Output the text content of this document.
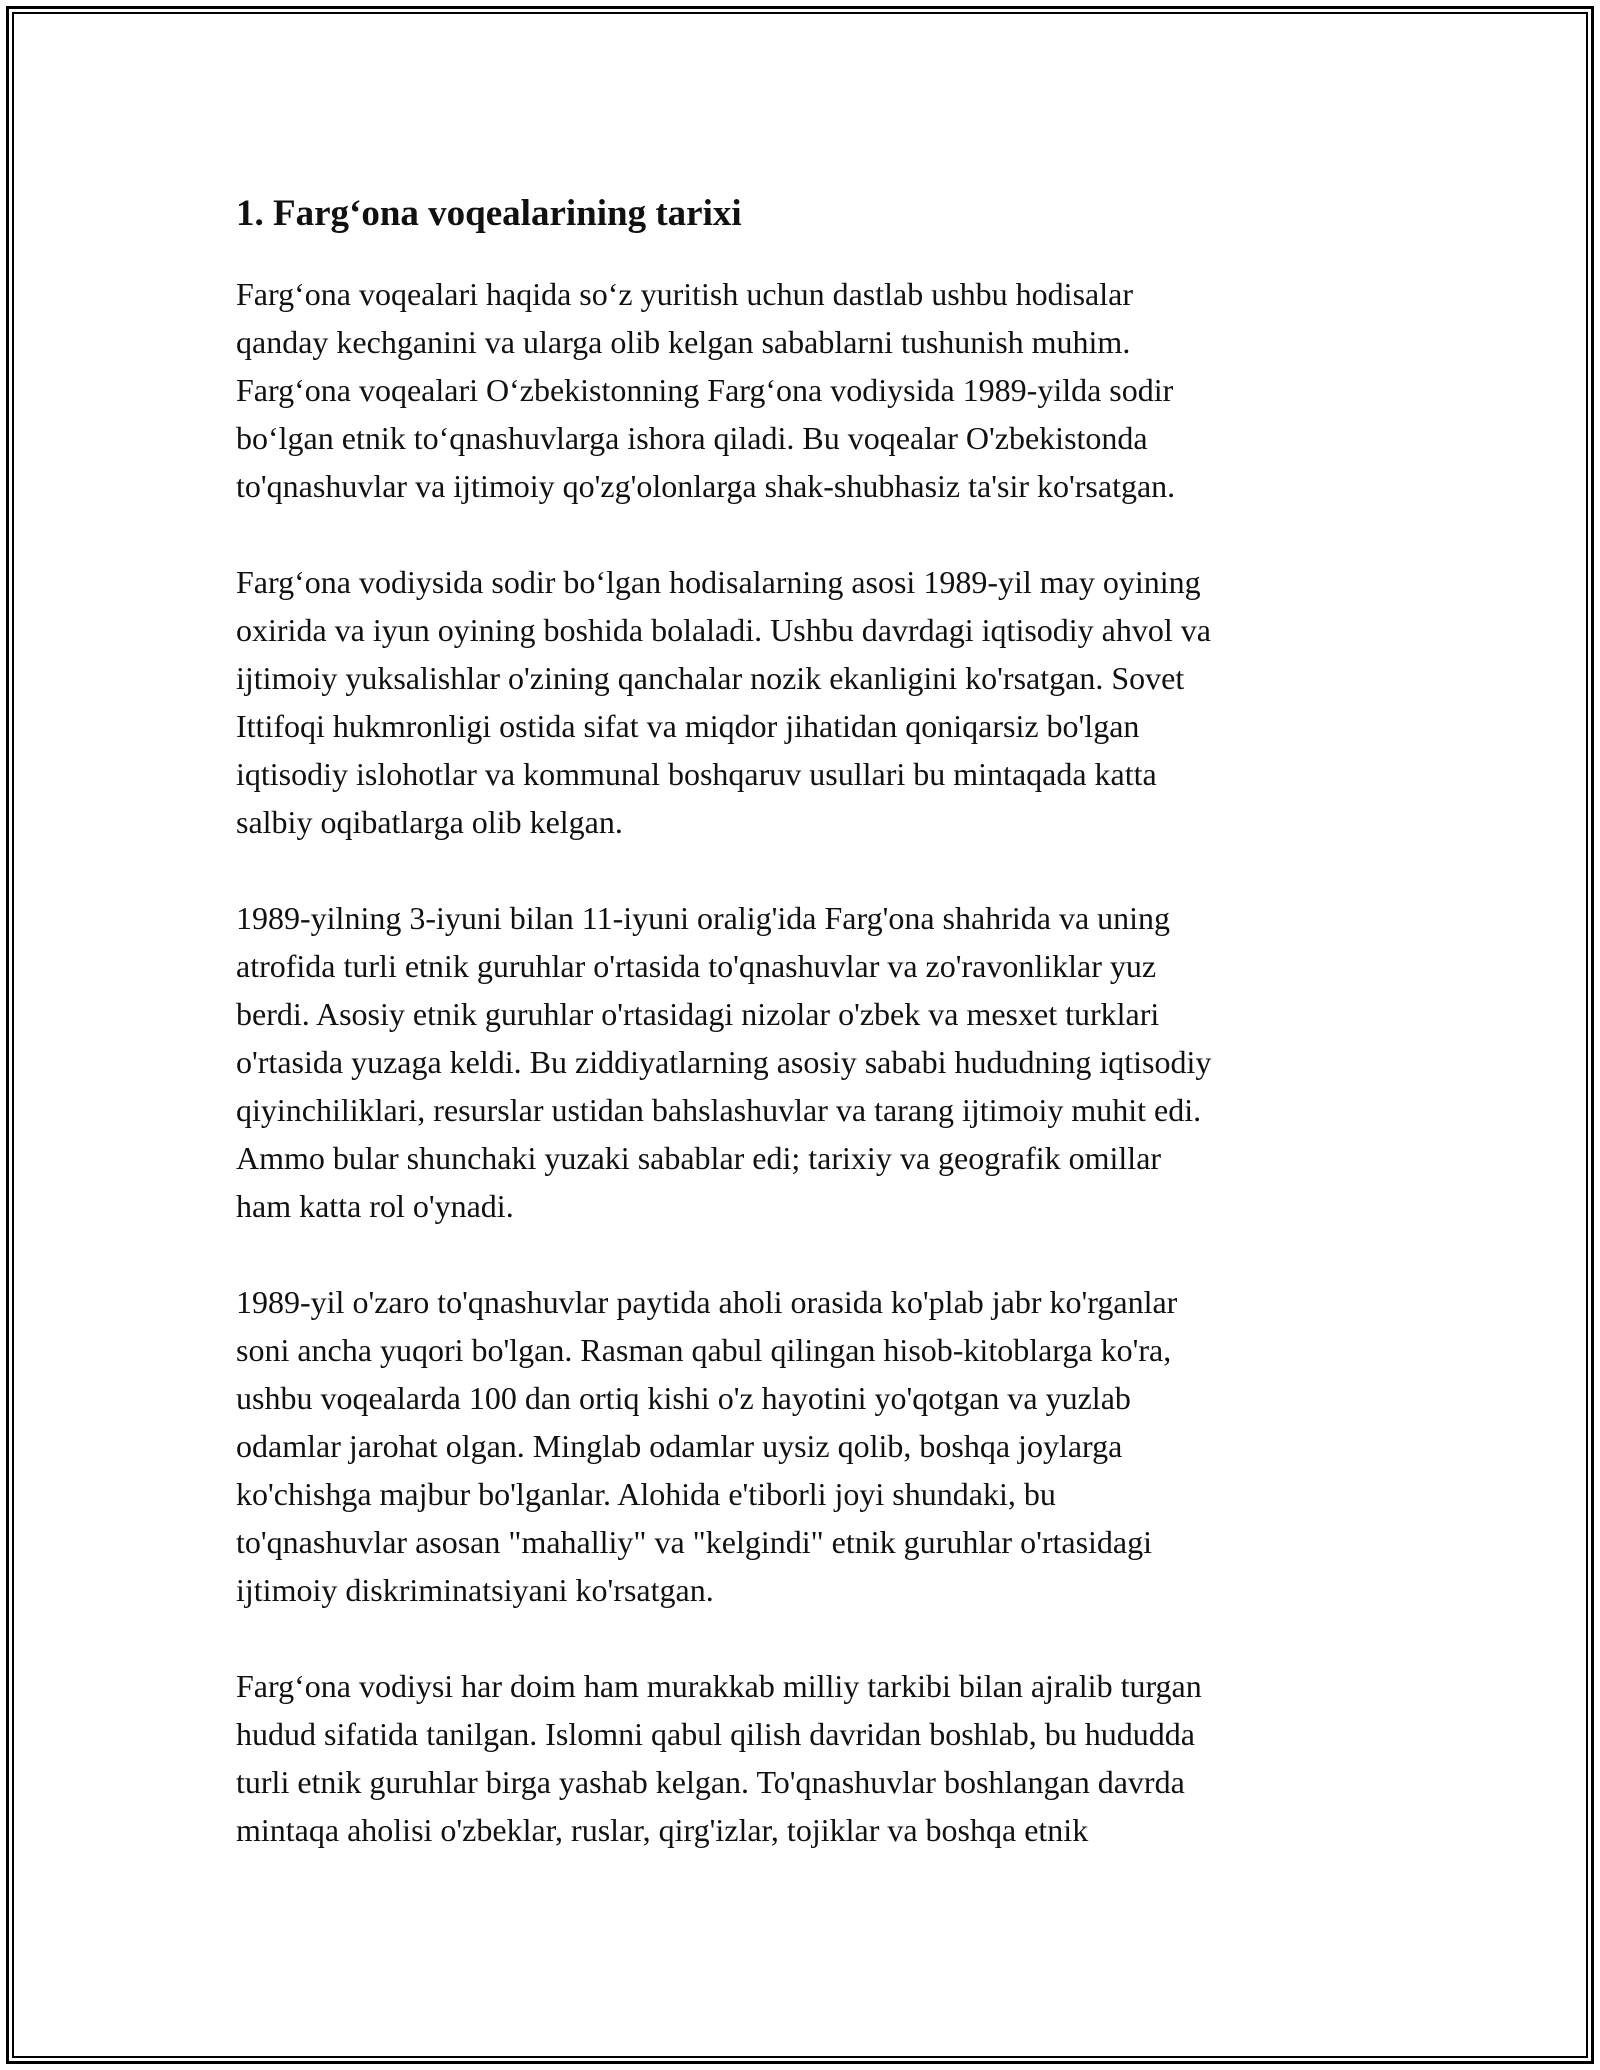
1. Farg‘ona voqealarining tarixi
Farg‘ona voqealari haqida so‘z yuritish uchun dastlab ushbu hodisalar
qanday kechganini va ularga olib kelgan sabablarni tushunish muhim.
Farg‘ona voqealari O‘zbekistonning Farg‘ona vodiysida 1989-yilda sodir
bo‘lgan etnik to‘qnashuvlarga ishora qiladi. Bu voqealar O'zbekistonda
to'qnashuvlar va ijtimoiy qo'zg'olonlarga shak-shubhasiz ta'sir ko'rsatgan.
Farg‘ona vodiysida sodir bo‘lgan hodisalarning asosi 1989-yil may oyining
oxirida va iyun oyining boshida bolaladi. Ushbu davrdagi iqtisodiy ahvol va
ijtimoiy yuksalishlar o'zining qanchalar nozik ekanligini ko'rsatgan. Sovet
Ittifoqi hukmronligi ostida sifat va miqdor jihatidan qoniqarsiz bo'lgan
iqtisodiy islohotlar va kommunal boshqaruv usullari bu mintaqada katta
salbiy oqibatlarga olib kelgan.
1989-yilning 3-iyuni bilan 11-iyuni oralig'ida Farg'ona shahrida va uning
atrofida turli etnik guruhlar o'rtasida to'qnashuvlar va zo'ravonliklar yuz
berdi. Asosiy etnik guruhlar o'rtasidagi nizolar o'zbek va mesxet turklari
o'rtasida yuzaga keldi. Bu ziddiyatlarning asosiy sababi hududning iqtisodiy
qiyinchiliklari, resurslar ustidan bahslashuvlar va tarang ijtimoiy muhit edi.
Ammo bular shunchaki yuzaki sabablar edi; tarixiy va geografik omillar
ham katta rol o'ynadi.
1989-yil o'zaro to'qnashuvlar paytida aholi orasida ko'plab jabr ko'rganlar
soni ancha yuqori bo'lgan. Rasman qabul qilingan hisob-kitoblarga ko'ra,
ushbu voqealarda 100 dan ortiq kishi o'z hayotini yo'qotgan va yuzlab
odamlar jarohat olgan. Minglab odamlar uysiz qolib, boshqa joylarga
ko'chishga majbur bo'lganlar. Alohida e'tiborli joyi shundaki, bu
to'qnashuvlar asosan "mahalliy" va "kelgindi" etnik guruhlar o'rtasidagi
ijtimoiy diskriminatsiyani ko'rsatgan.
Farg‘ona vodiysi har doim ham murakkab milliy tarkibi bilan ajralib turgan
hudud sifatida tanilgan. Islomni qabul qilish davridan boshlab, bu hududda
turli etnik guruhlar birga yashab kelgan. To'qnashuvlar boshlangan davrda
mintaqa aholisi o'zbeklar, ruslar, qirg'izlar, tojiklar va boshqa etnik
